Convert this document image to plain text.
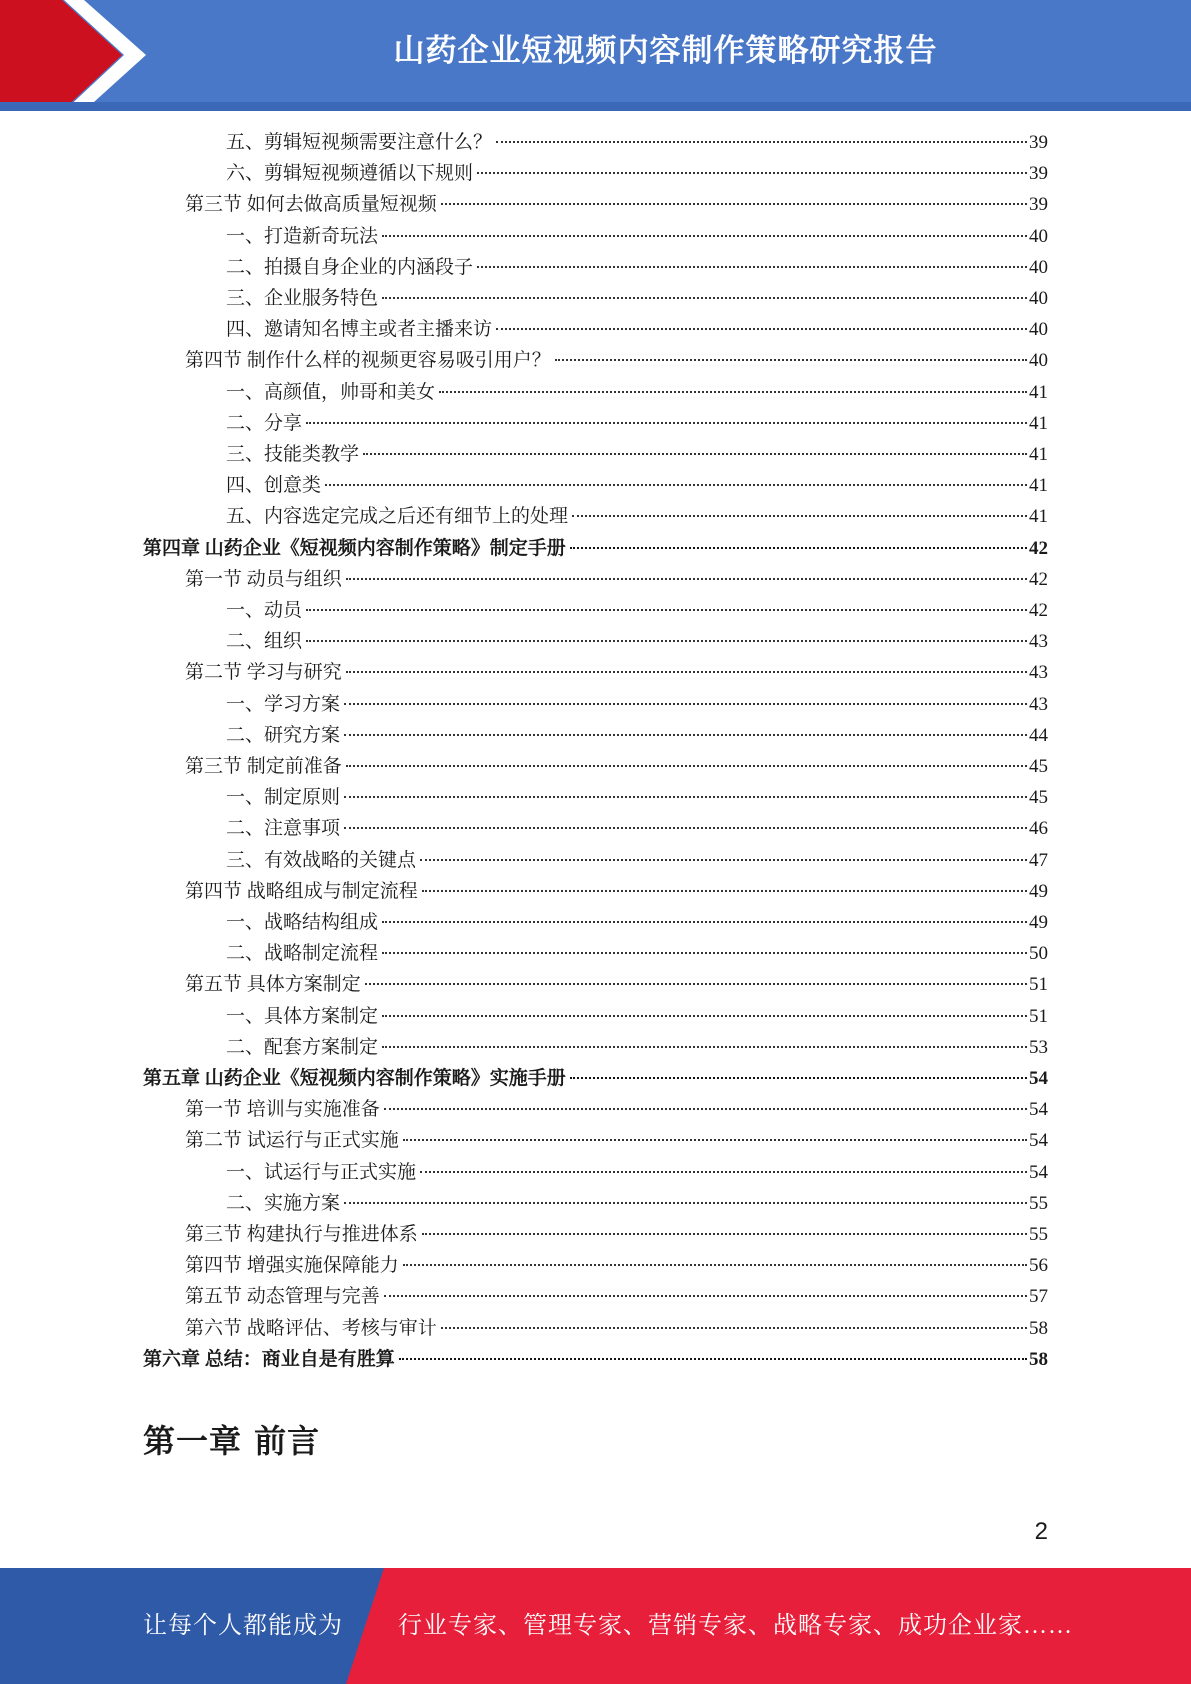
山药企业短视频内容制作策略研究报告
五、剪辑短视频需要注意什么？	39
六、剪辑短视频遵循以下规则	39
第三节 如何去做高质量短视频	39
一、打造新奇玩法	40
二、拍摄自身企业的内涵段子	40
三、企业服务特色	40
四、邀请知名博主或者主播来访	40
第四节 制作什么样的视频更容易吸引用户？	40
一、高颜值，帅哥和美女	41
二、分享	41
三、技能类教学	41
四、创意类	41
五、内容选定完成之后还有细节上的处理	41
第四章 山药企业《短视频内容制作策略》制定手册	42
第一节 动员与组织	42
一、动员	42
二、组织	43
第二节 学习与研究	43
一、学习方案	43
二、研究方案	44
第三节 制定前准备	45
一、制定原则	45
二、注意事项	46
三、有效战略的关键点	47
第四节 战略组成与制定流程	49
一、战略结构组成	49
二、战略制定流程	50
第五节 具体方案制定	51
一、具体方案制定	51
二、配套方案制定	53
第五章 山药企业《短视频内容制作策略》实施手册	54
第一节 培训与实施准备	54
第二节 试运行与正式实施	54
一、试运行与正式实施	54
二、实施方案	55
第三节 构建执行与推进体系	55
第四节 增强实施保障能力	56
第五节 动态管理与完善	57
第六节 战略评估、考核与审计	58
第六章 总结：商业自是有胜算	58
第一章 前言
2
让每个人都能成为 行业专家、管理专家、营销专家、战略专家、成功企业家……
